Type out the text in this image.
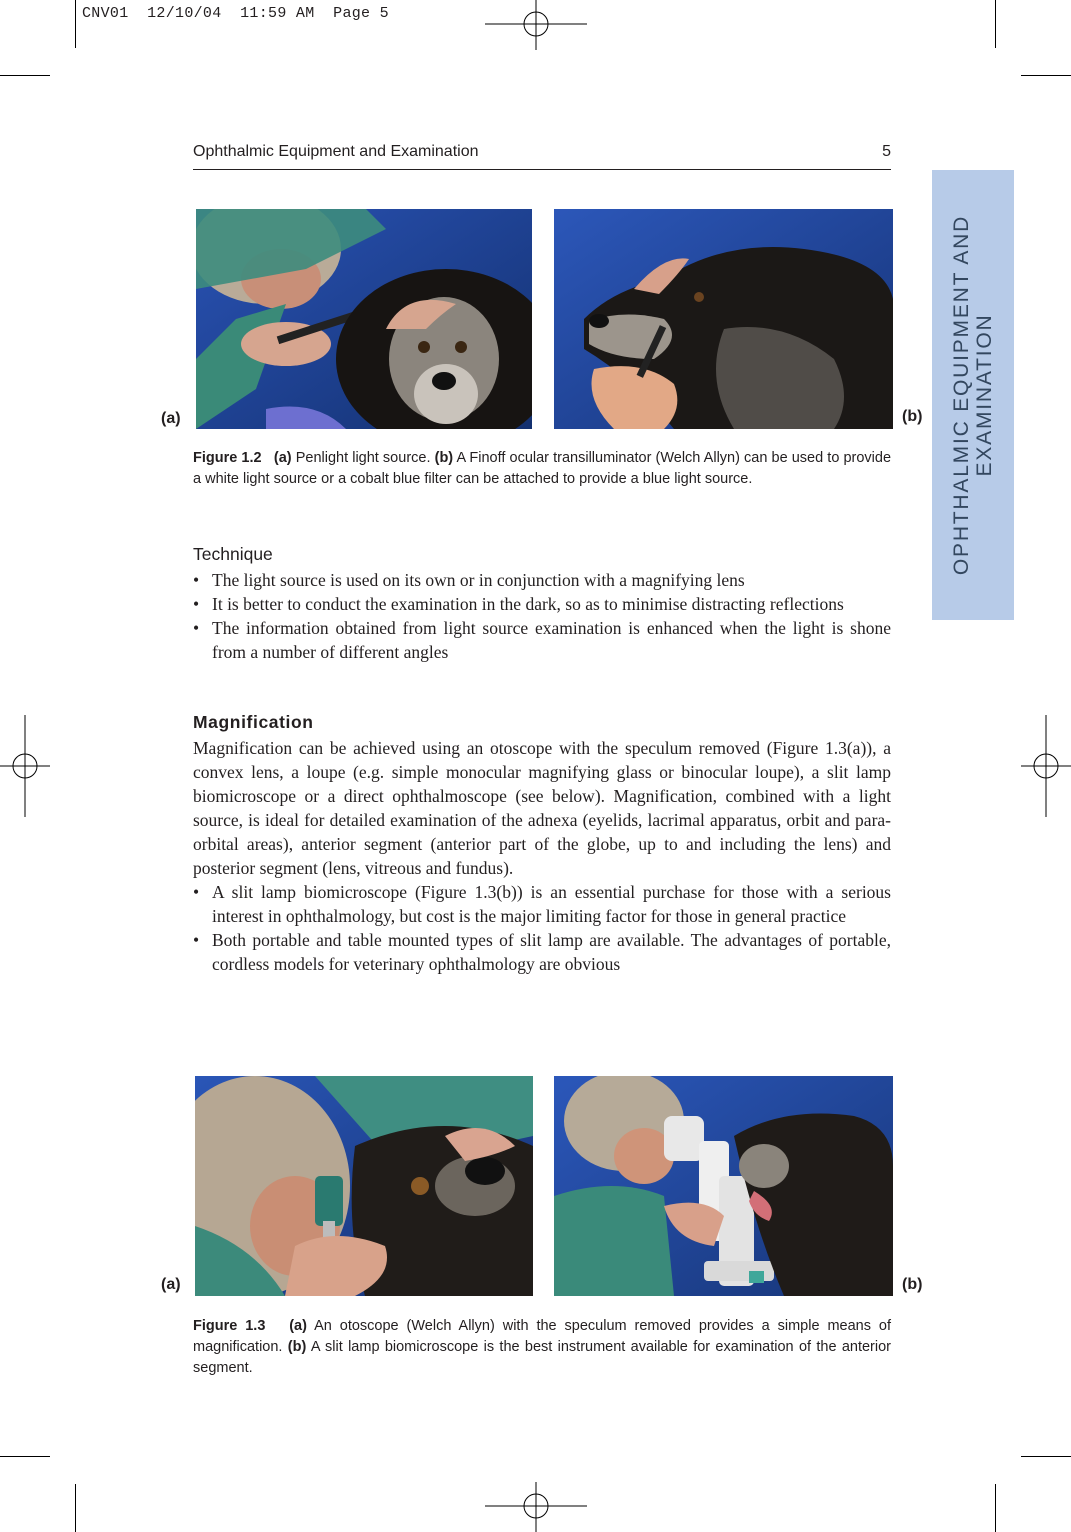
CNV01  12/10/04  11:59 AM  Page 5
Ophthalmic Equipment and Examination	5
OPHTHALMIC EQUIPMENT AND EXAMINATION
(a)	(b)
Figure 1.2 (a) Penlight light source. (b) A Finoff ocular transilluminator (Welch Allyn) can be used to provide a white light source or a cobalt blue filter can be attached to provide a blue light source.
Technique
• The light source is used on its own or in conjunction with a magnifying lens
• It is better to conduct the examination in the dark, so as to minimise distracting reflections
• The information obtained from light source examination is enhanced when the light is shone from a number of different angles
Magnification

Magnification can be achieved using an otoscope with the speculum removed (Figure 1.3(a)), a convex lens, a loupe (e.g. simple monocular magnifying glass or binocular loupe), a slit lamp biomicroscope or a direct ophthalmoscope (see below). Magnification, combined with a light source, is ideal for detailed examination of the adnexa (eyelids, lacrimal apparatus, orbit and para-orbital areas), anterior segment (anterior part of the globe, up to and including the lens) and posterior segment (lens, vitreous and fundus).

• A slit lamp biomicroscope (Figure 1.3(b)) is an essential purchase for those with a serious interest in ophthalmology, but cost is the major limiting factor for those in general practice
• Both portable and table mounted types of slit lamp are available. The advantages of portable, cordless models for veterinary ophthalmology are obvious
(a)	(b)
Figure 1.3 (a) An otoscope (Welch Allyn) with the speculum removed provides a simple means of magnification. (b) A slit lamp biomicroscope is the best instrument available for examination of the anterior segment.
